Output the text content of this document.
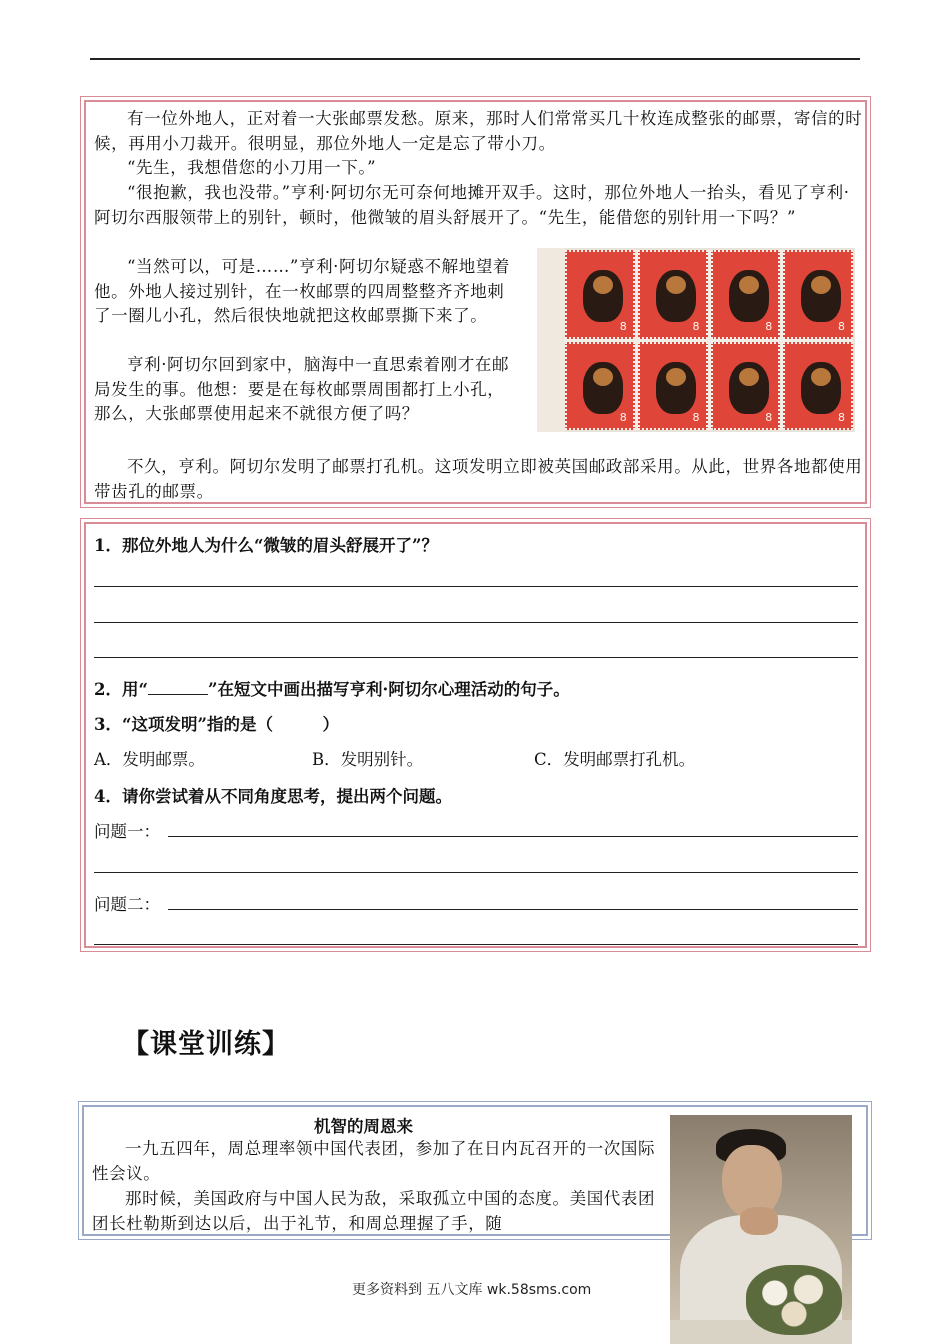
有一位外地人，正对着一大张邮票发愁。原来，那时人们常常买几十枚连成整张的邮票，寄信的时候，再用小刀裁开。很明显，那位外地人一定是忘了带小刀。

“先生，我想借您的小刀用一下。”

“很抱歉，我也没带。”亨利·阿切尔无可奈何地摊开双手。这时，那位外地人一抬头，看见了亨利·阿切尔西服领带上的别针，顿时，他微皱的眉头舒展开了。“先生，能借您的别针用一下吗？”

“当然可以，可是……”亨利·阿切尔疑惑不解地望着他。外地人接过别针，在一枚邮票的四周整整齐齐地刺了一圈儿小孔，然后很快地就把这枚邮票撕下来了。

亨利·阿切尔回到家中，脑海中一直思索着刚才在邮局发生的事。他想：要是在每枚邮票周围都打上小孔，那么，大张邮票使用起来不就很方便了吗？

不久，亨利。阿切尔发明了邮票打孔机。这项发明立即被英国邮政部采用。从此，世界各地都使用带齿孔的邮票。

8	8	8	8
8	8	8	8

1．那位外地人为什么“微皱的眉头舒展开了”？

2．用“	”在短文中画出描写亨利·阿切尔心理活动的句子。

3．“这项发明”指的是（　　　）

A．发明邮票。	B．发明别针。	C．发明邮票打孔机。

4．请你尝试着从不同角度思考，提出两个问题。

问题一：
问题二：
【课堂训练】
机智的周恩来

一九五四年，周总理率领中国代表团，参加了在日内瓦召开的一次国际性会议。

那时候，美国政府与中国人民为敌，采取孤立中国的态度。美国代表团团长杜勒斯到达以后，出于礼节，和周总理握了手，随

更多资料到 五八文库 wk.58sms.com
